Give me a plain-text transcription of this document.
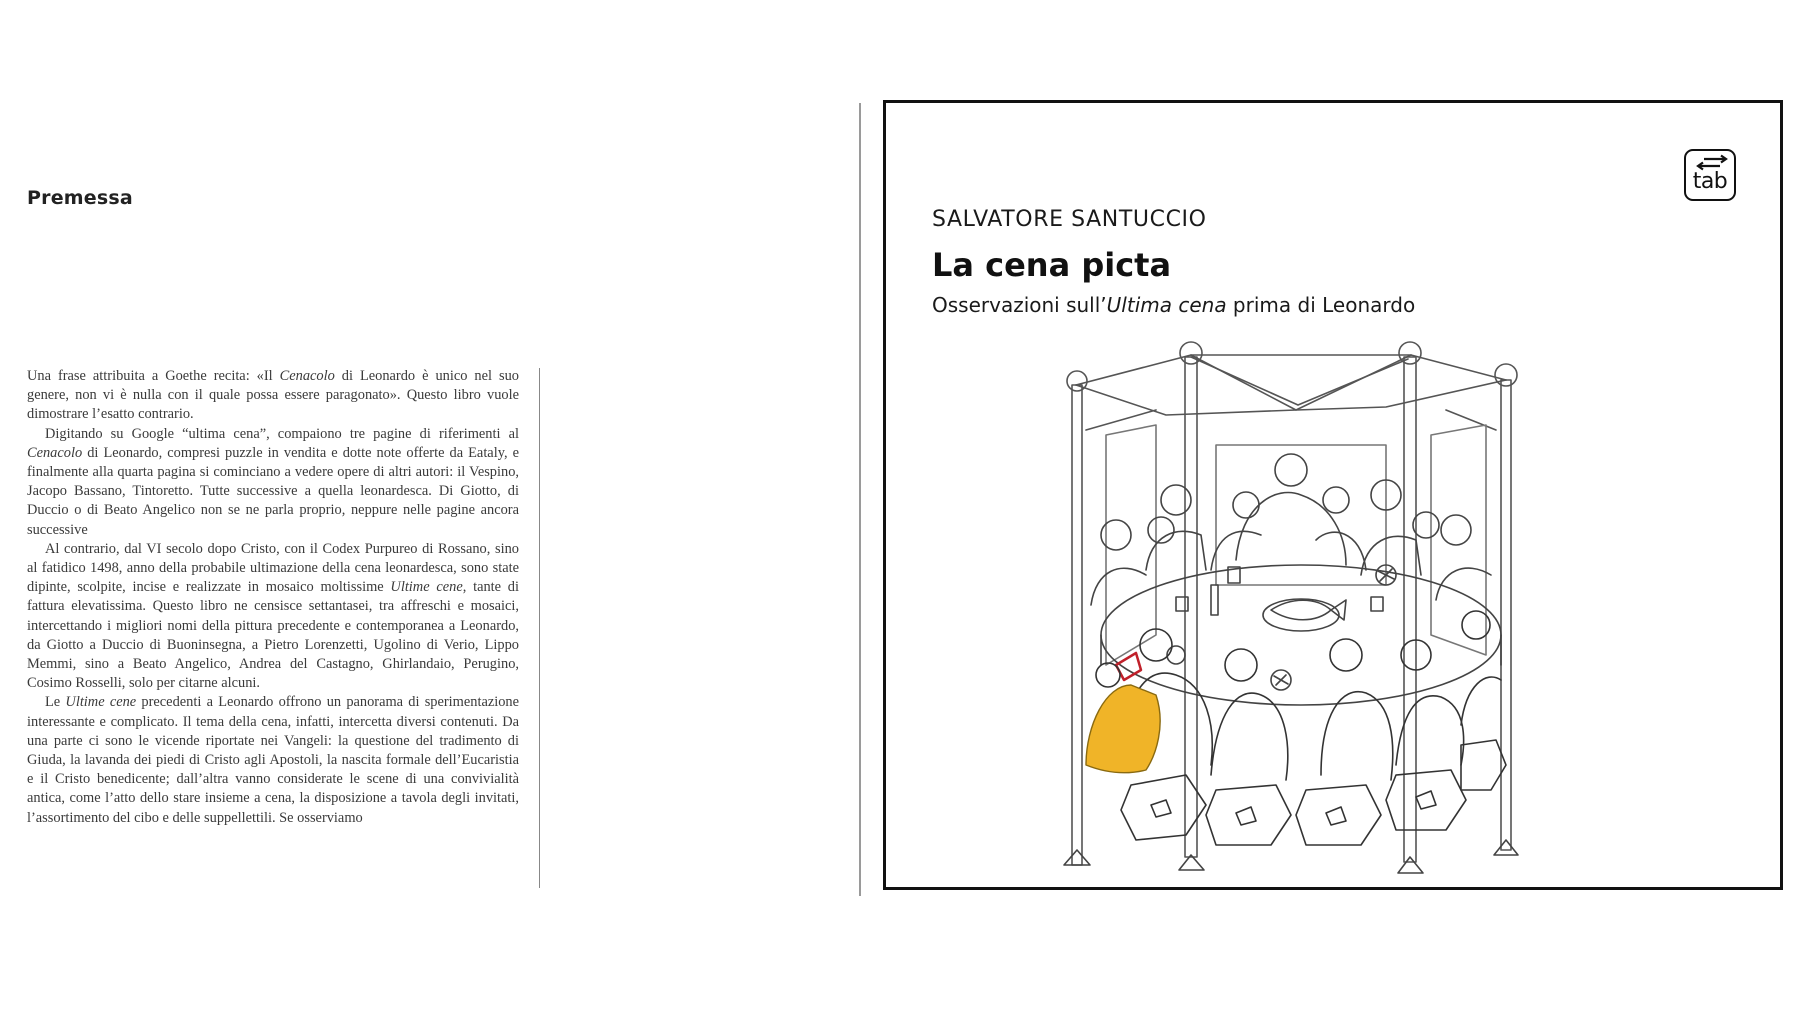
Premessa

Una frase attribuita a Goethe recita: «Il Cenacolo di Leonardo è unico nel suo genere, non vi è nulla con il quale possa essere paragonato». Questo libro vuole dimostrare l’esatto contrario.

Digitando su Google “ultima cena”, compaiono tre pagine di riferimenti al Cenacolo di Leonardo, compresi puzzle in vendita e dotte note offerte da Eataly, e finalmente alla quarta pagina si cominciano a vedere opere di altri autori: il Vespino, Jacopo Bassano, Tintoretto. Tutte successive a quella leonardesca. Di Giotto, di Duccio o di Beato Angelico non se ne parla proprio, neppure nelle pagine ancora successive

Al contrario, dal VI secolo dopo Cristo, con il Codex Purpureo di Rossano, sino al fatidico 1498, anno della probabile ultimazione della cena leonardesca, sono state dipinte, scolpite, incise e realizzate in mosaico moltissime Ultime cene, tante di fattura elevatissima. Questo libro ne censisce settantasei, tra affreschi e mosaici, intercettando i migliori nomi della pittura precedente e contemporanea a Leonardo, da Giotto a Duccio di Buoninsegna, a Pietro Lorenzetti, Ugolino di Verio, Lippo Memmi, sino a Beato Angelico, Andrea del Castagno, Ghirlandaio, Perugino, Cosimo Rosselli, solo per citarne alcuni.

Le Ultime cene precedenti a Leonardo offrono un panorama di sperimentazione interessante e complicato. Il tema della cena, infatti, intercetta diversi contenuti. Da una parte ci sono le vicende riportate nei Vangeli: la questione del tradimento di Giuda, la lavanda dei piedi di Cristo agli Apostoli, la nascita formale dell’Eucaristia e il Cristo benedicente; dall’altra vanno considerate le scene di una convivialità antica, come l’atto dello stare insieme a cena, la disposizione a tavola degli invitati, l’assortimento del cibo e delle suppellettili. Se osserviamo

tab
SALVATORE SANTUCCIO
La cena picta
Osservazioni sull’Ultima cena prima di Leonardo
